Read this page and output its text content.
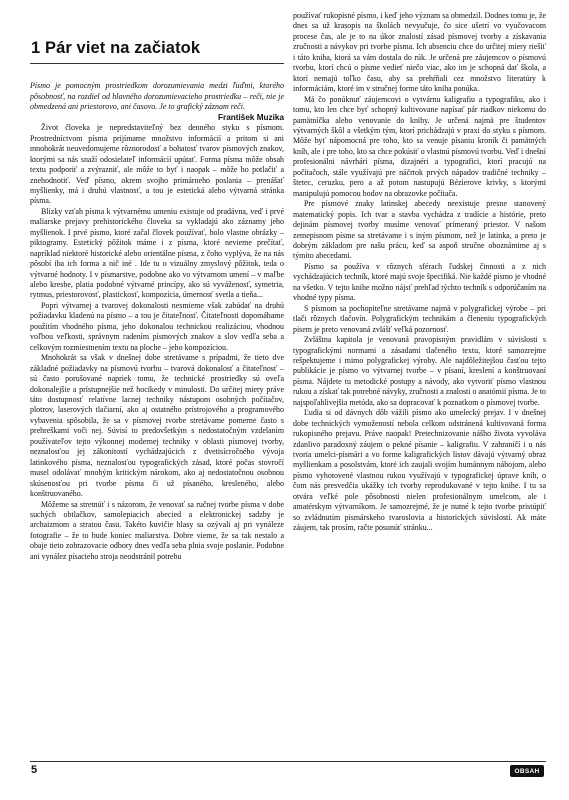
1 Pár viet na začiatok

Písmo je pomocným prostriedkom dorozumievania medzi ľuďmi, ktorého pôsobnosť, na rozdiel od hlavného dorozumievacieho prostriedku – reči, nie je obmedzená ani priestorovo, ani časovo. Je to grafický záznam reči.

František Muzika

Život človeka je nepredstaviteľný bez denného styku s písmom. Prostredníctvom písma prijímame množstvo informácií a pritom si ani mnohokrát neuvedomujeme rôznorodosť a bohatosť tvarov písmových znakov, ktorými sa nás snaží odosielateľ informácií upútať. Forma písma môže obsah textu podporiť a zvýrazniť, ale môže to byť i naopak – môže ho potlačiť a znehodnotiť. Veď písmo, okrem svojho primárneho poslania – prenášať myšlienky, má i druhú vlastnosť, a tou je estetická alebo výtvarná stránka písma.

Blízky vzťah písma k výtvarnému umeniu existuje od pradávna, veď i prvé maliarske prejavy prehistorického človeka sa vykladajú ako záznamy jeho myšlienok. I prvé písmo, ktoré začal človek používať, bolo vlastne obrázky – piktogramy. Estetický pôžitok máme i z písma, ktoré nevieme prečítať, napríklad niektoré historické alebo orientálne písma, z čoho vyplýva, že na nás pôsobí iba ich forma a nič iné . Ide tu o vizuálny zmyslový pôžitok, teda o výtvarné hodnoty. I v písmarstve, podobne ako vo výtvarnom umení – v maľbe alebo kresbe, platia podobné výtvarné princípy, ako sú vyváženosť, symetria, rytmus, priestorovosť, plastickosť, kompozícia, úmernosť svetla a tieňa...

Popri výtvarnej a tvarovej dokonalosti nesmieme však zabúdať na druhú požiadavku kladenú na písmo – a tou je čitateľnosť. Čitateľnosti dopomáhame použitím vhodného písma, jeho dokonalou technickou realizáciou, vhodnou voľbou veľkosti, správnym radením písmových znakov a slov vedľa seba a celkovým rozmiestnením textu na ploche – jeho kompozíciou.

Mnohokrát sa však v dnešnej dobe stretávame s prípadmi, že tieto dve základné požiadavky na písmovú tvorbu – tvarová dokonalosť a čitateľnosť – sú často porušované napriek tomu, že technické prostriedky sú oveľa dokonalejšie a prístupnejšie než hocikedy v minulosti. Do určitej miery práve táto dostupnosť relatívne lacnej techniky nástupom osobných počítačov, plotrov, laserových tlačiarní, ako aj ostatného prístrojového a programového vybavenia spôsobila, že sa v písmovej tvorbe stretávame pomerne často s prehreškami voči nej. Súvisí to predovšetkým s nedostatočným vzdelaním používateľov tejto výkonnej modernej techniky v oblasti písmovej tvorby, neznalosťou jej zákonitostí vychádzajúcich z dvetisícročného vývoja latinkového písma, neznalosťou typografických zásad, ktoré počas stovročí musel odolávať mnohým kritickým nárokom, ako aj nedostatočnou osobnou skúsenosťou pri tvorbe písma či už písaného, kresleného, alebo konštruovaného.

Môžeme sa stretnúť i s názorom, že venovať sa ručnej tvorbe písma v dobe suchých obtlačkov, samolepiacich abecied a elektronickej sadzby je archaizmom a stratou času. Takéto kuvičie hlasy sa ozývali aj pri vynáleze fotografie – že to bude koniec maliarstva. Dobre vieme, že sa tak nestalo a obaje tieto zobrazovacie odbory dnes vedľa seba plnia svoje poslanie. Podobne ani vynález písacieho stroja neodstránil potrebu

používať rukopisné písmo, i keď jeho význam sa obmedzil. Dodnes tomu je, že dnes sa už krasopis na školách nevyučuje, čo sice ušetrí vo vyučovacom procese čas, ale je to na úkor znalostí zásad písmovej tvorby a získavania zručnosti a návykov pri tvorbe písma. Ich absenciu chce do určitej miery riešiť i táto kniha, ktorá sa vám dostala do rúk. Je určená pre záujemcov o písmovú tvorbu, ktorí chcú o písme vedieť niečo viac, ako im je schopná dať škola, a ktorí nemajú toľko času, aby sa prehŕňali cez množstvo literatúry k informáciám, ktoré im v stručnej forme táto kniha ponúka.

Má čo ponúknuť záujemcovi o vytvárnu kaligrafiu a typografiku, ako i tomu, kto len chce byť schopný kultivovane napísať pár riadkov niekomu do pamätníčka alebo venovanie do knihy. Je určená najmä pre študentov výtvarných škôl a všetkým tým, ktorí prichádzajú v praxi do styku s písmom. Môže byť nápomocná pre toho, kto sa venuje písaniu kroník či pamätných kníh, ale i pre toho, kto sa chce pokúsiť o vlastnú písmovú tvorbu. Veď i dnešní profesionálni návrhári písma, dizajnéri a typografici, ktorí pracujú na počítačoch, stále využívajú pre náčrtok prvých nápadov tradičné techniky – štetec, ceruzku, pero a až potom nastupujú Bézierove krivky, s ktorými manipulujú pomocou bodov na obrazovke počítača.

Pre písmové znaky latinskej abecedy neexistuje presne stanovený matematický popis. Ich tvar a stavba vychádza z tradície a histórie, preto dejinám písmovej tvorby musíme venovať primeraný priestor. V našom zemepisnom písme sa stretávame i s iným písmom, než je latinka, a preto je dobrým základom pre našu prácu, keď sa aspoň stručne oboznámime aj s týmito abecedami.

Písmo sa používa v rôznych sférach ľudskej činnosti a z nich vychádzajúcich techník, ktoré majú svoje špecifiká. Nie každé písmo je vhodné na všetko. V tejto knihe možno nájsť prehľad týchto techník s odporúčaním na vhodné typy písma.

S písmom sa pochopiteľne stretávame najmä v polygrafickej výrobe – pri tlači rôznych tlačovín. Polygrafickým technikám a členeniu typografických písem je preto venovaná zvlášť veľká pozornosť.

Zvláštna kapitola je venovaná pravopisným pravidlám v súvislosti s typografickými normami a zásadami tlačeného textu, ktoré samozrejme rešpektujeme i mimo polygrafickej výroby. Ale najdôležitejšou časťou tejto publikácie je písmo vo výtvarnej tvorbe – v písaní, kreslení a konštruovaní písma. Nájdete tu metodické postupy a návody, ako vytvoriť písmo vlastnou rukou a získať tak potrebné návyky, zručnosti a znalosti o anatómii písma. Je to najspoľahlivejšia metóda, ako sa dopracovať k poznatkom o písmovej tvorbe.

Ľudia si od dávnych dôb vážili písmo ako umelecký prejav. I v dnešnej dobe technických vymožeností nebola celkom odstránená kultivovaná forma rukopisného prejavu. Práve naopak! Pretechnizovanie nášho života vyvoláva zdanlivo paradoxný záujem o pekné písanie – kaligrafiu. V zahraničí i u nás tvoria umelci-pismári a vo forme kaligrafických listov dávajú výtvarný obraz myšlienkam a posolstvám, ktoré ich zaujali svojím humánnym nábojom, alebo písmo vyhotovené vlastnou rukou využívajú v typografickej úprave kníh, o čom nás presvedčia ukážky ich tvorby reprodukované v tejto knihe. I tu sa otvára veľké pole pôsobnosti nielen profesionálnym umelcom, ale i amatérskym výtvarníkom. Je samozrejmé, že je nutné k tejto tvorbe pristúpiť so zvládnutím pismárskeho tvaroslovia a historických súvislostí. Ak máte záujem, tak prosím, račte posunúť stránku...

5	OBSAH
